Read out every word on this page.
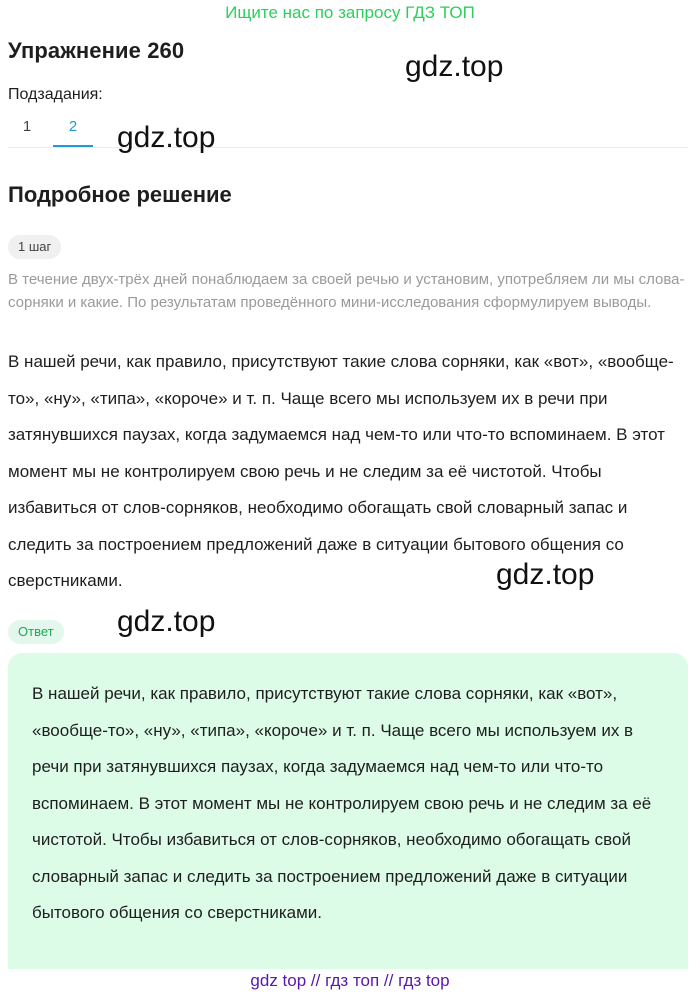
Ищите нас по запросу ГДЗ ТОП
Упражнение 260	gdz.top
Подзадания:
1	2	gdz.top
Подробное решение
1 шаг

В течение двух-трёх дней понаблюдаем за своей речью и установим, употребляем ли мы слова-сорняки и какие. По результатам проведённого мини-исследования сформулируем выводы.

В нашей речи, как правило, присутствуют такие слова сорняки, как «вот», «вообще-то», «ну», «типа», «короче» и т. п. Чаще всего мы используем их в речи при затянувшихся паузах, когда задумаемся над чем-то или что-то вспоминаем. В этот момент мы не контролируем свою речь и не следим за её чистотой. Чтобы избавиться от слов-сорняков, необходимо обогащать свой словарный запас и следить за построением предложений даже в ситуации бытового общения со сверстниками.	gdz.top
Ответ	gdz.top

В нашей речи, как правило, присутствуют такие слова сорняки, как «вот», «вообще-то», «ну», «типа», «короче» и т. п. Чаще всего мы используем их в речи при затянувшихся паузах, когда задумаемся над чем-то или что-то вспоминаем. В этот момент мы не контролируем свою речь и не следим за её чистотой. Чтобы избавиться от слов-сорняков, необходимо обогащать свой словарный запас и следить за построением предложений даже в ситуации бытового общения со сверстниками.

gdz top // гдз топ // гдз top
